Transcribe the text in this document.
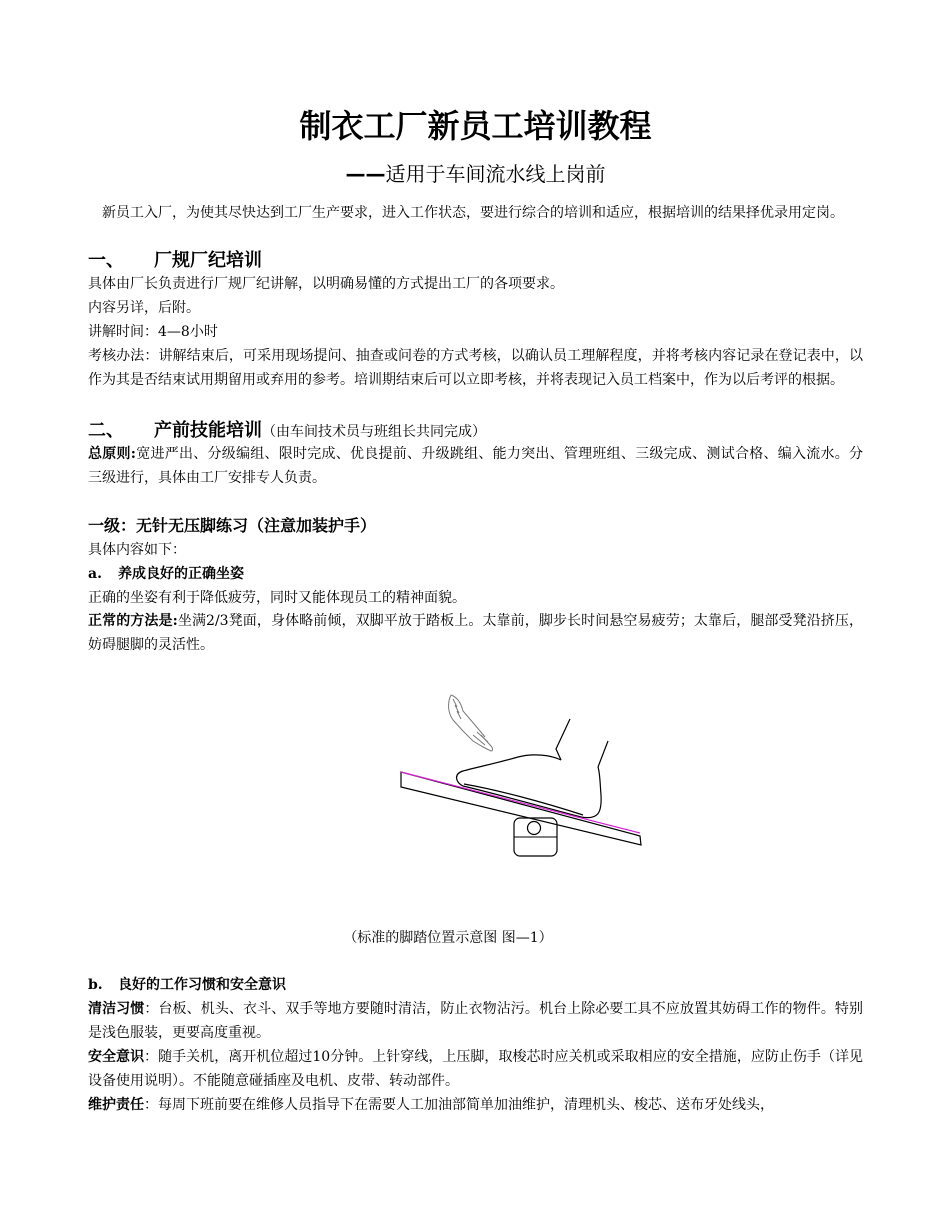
制衣工厂新员工培训教程
——适用于车间流水线上岗前
新员工入厂，为使其尽快达到工厂生产要求，进入工作状态，要进行综合的培训和适应，根据培训的结果择优录用定岗。
一、 厂规厂纪培训
具体由厂长负责进行厂规厂纪讲解，以明确易懂的方式提出工厂的各项要求。
内容另详，后附。
讲解时间：4—8小时
考核办法：讲解结束后，可采用现场提问、抽查或问卷的方式考核，以确认员工理解程度，并将考核内容记录在登记表中，以作为其是否结束试用期留用或弃用的参考。培训期结束后可以立即考核，并将表现记入员工档案中，作为以后考评的根据。
二、 产前技能培训（由车间技术员与班组长共同完成）
总原则:宽进严出、分级编组、限时完成、优良提前、升级跳组、能力突出、管理班组、三级完成、测试合格、编入流水。分三级进行，具体由工厂安排专人负责。
一级：无针无压脚练习（注意加装护手）
具体内容如下：
a. 养成良好的正确坐姿
正确的坐姿有利于降低疲劳，同时又能体现员工的精神面貌。
正常的方法是:坐满2/3凳面，身体略前倾，双脚平放于踏板上。太靠前，脚步长时间悬空易疲劳；太靠后，腿部受凳沿挤压，妨碍腿脚的灵活性。
（标准的脚踏位置示意图 图—1）
b. 良好的工作习惯和安全意识
清洁习惯：台板、机头、衣斗、双手等地方要随时清洁，防止衣物沾污。机台上除必要工具不应放置其妨碍工作的物件。特别是浅色服装，更要高度重视。
安全意识：随手关机，离开机位超过10分钟。上针穿线，上压脚，取梭芯时应关机或采取相应的安全措施，应防止伤手（详见设备使用说明）。不能随意碰插座及电机、皮带、转动部件。
维护责任：每周下班前要在维修人员指导下在需要人工加油部简单加油维护，清理机头、梭芯、送布牙处线头，
